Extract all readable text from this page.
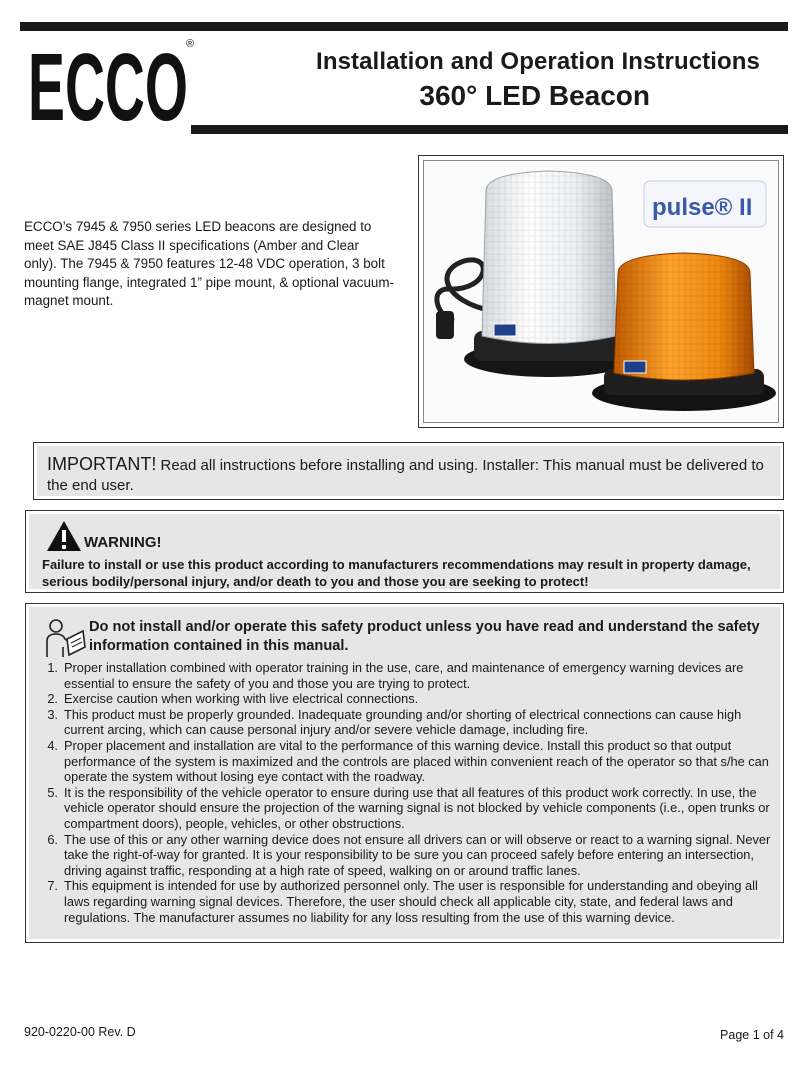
ECCO
®
Installation and Operation Instructions
360° LED Beacon
ECCO’s 7945 & 7950 series LED beacons are designed to meet SAE J845 Class II specifications (Amber and Clear only). The 7945 & 7950 features 12-48 VDC operation, 3 bolt mounting flange, integrated 1” pipe mount, & optional vacuum-magnet mount.
pulse® II
IMPORTANT! Read all instructions before installing and using. Installer: This manual must be delivered to the end user.
WARNING!
Failure to install or use this product according to manufacturers recommendations may result in property damage, serious bodily/personal injury, and/or death to you and those you are seeking to protect!
Do not install and/or operate this safety product unless you have read and understand the safety information contained in this manual.
1. Proper installation combined with operator training in the use, care, and maintenance of emergency warning devices are essential to ensure the safety of you and those you are trying to protect.
2. Exercise caution when working with live electrical connections.
3. This product must be properly grounded. Inadequate grounding and/or shorting of electrical connections can cause high current arcing, which can cause personal injury and/or severe vehicle damage, including fire.
4. Proper placement and installation are vital to the performance of this warning device. Install this product so that output performance of the system is maximized and the controls are placed within convenient reach of the operator so that s/he can operate the system without losing eye contact with the roadway.
5. It is the responsibility of the vehicle operator to ensure during use that all features of this product work correctly. In use, the vehicle operator should ensure the projection of the warning signal is not blocked by vehicle components (i.e., open trunks or compartment doors), people, vehicles, or other obstructions.
6. The use of this or any other warning device does not ensure all drivers can or will observe or react to a warning signal. Never take the right-of-way for granted. It is your responsibility to be sure you can proceed safely before entering an intersection, driving against traffic, responding at a high rate of speed, walking on or around traffic lanes.
7. This equipment is intended for use by authorized personnel only. The user is responsible for understanding and obeying all laws regarding warning signal devices. Therefore, the user should check all applicable city, state, and federal laws and regulations. The manufacturer assumes no liability for any loss resulting from the use of this warning device.
920-0220-00 Rev. D	Page 1 of 4
